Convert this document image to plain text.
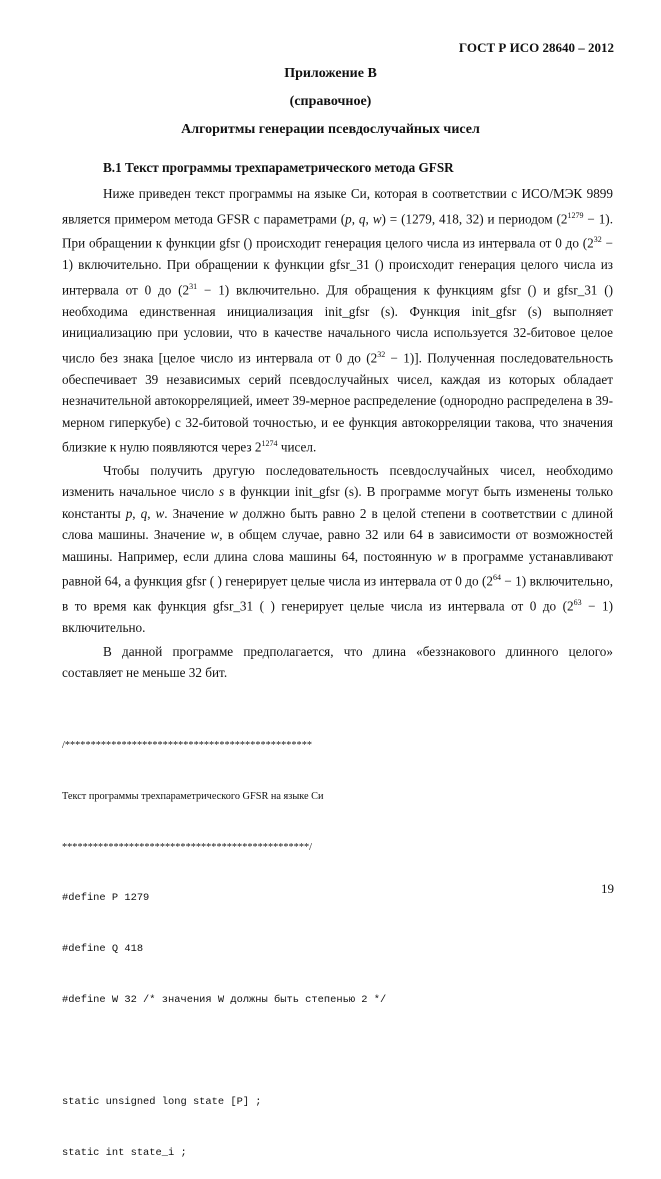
ГОСТ Р ИСО 28640 – 2012
Приложение В
(справочное)
Алгоритмы генерации псевдослучайных чисел
В.1 Текст программы трехпараметрического метода GFSR

Ниже приведен текст программы на языке Си, которая в соответствии с ИСО/МЭК 9899 является примером метода GFSR с параметрами (p, q, w) = (1279, 418, 32) и периодом $(2^{1279} - 1)$. При обращении к функции gfsr () происходит генерация целого числа из интервала от 0 до $(2^{32} - 1)$ включительно. При обращении к функции gfsr_31 () происходит генерация целого числа из интервала от 0 до $(2^{31} - 1)$ включительно. Для обращения к функциям gfsr () и gfsr_31 () необходима единственная инициализация init_gfsr (s). Функция init_gfsr (s) выполняет инициализацию при условии, что в качестве начального числа используется 32-битовое целое число без знака [целое число из интервала от 0 до $(2^{32} - 1)$]. Полученная последовательность обеспечивает 39 независимых серий псевдослучайных чисел, каждая из которых обладает незначительной автокорреляцией, имеет 39-мерное распределение (однородно распределена в 39-мерном гиперкубе) с 32-битовой точностью, и ее функция автокорреляции такова, что значения близкие к нулю появляются через $2^{1274}$ чисел.

Чтобы получить другую последовательность псевдослучайных чисел, необходимо изменить начальное число s в функции init_gfsr (s). В программе могут быть изменены только константы p, q, w. Значение w должно быть равно 2 в целой степени в соответствии с длиной слова машины. Значение w, в общем случае, равно 32 или 64 в зависимости от возможностей машины. Например, если длина слова машины 64, постоянную w в программе устанавливают равной 64, а функция gfsr ( ) генерирует целые числа из интервала от 0 до $(2^{64} - 1)$ включительно, в то время как функция gfsr_31 ( ) генерирует целые числа из интервала от 0 до $(2^{63} - 1)$ включительно.

В данной программе предполагается, что длина «беззнакового длинного целого» составляет не меньше 32 бит.

/************************************************

Текст программы трехпараметрического GFSR на языке Си

************************************************/

#define P 1279

#define Q 418

#define W 32 /* значения W должны быть степенью 2 */

static unsigned long state [P] ;

static int state_i ;

19
